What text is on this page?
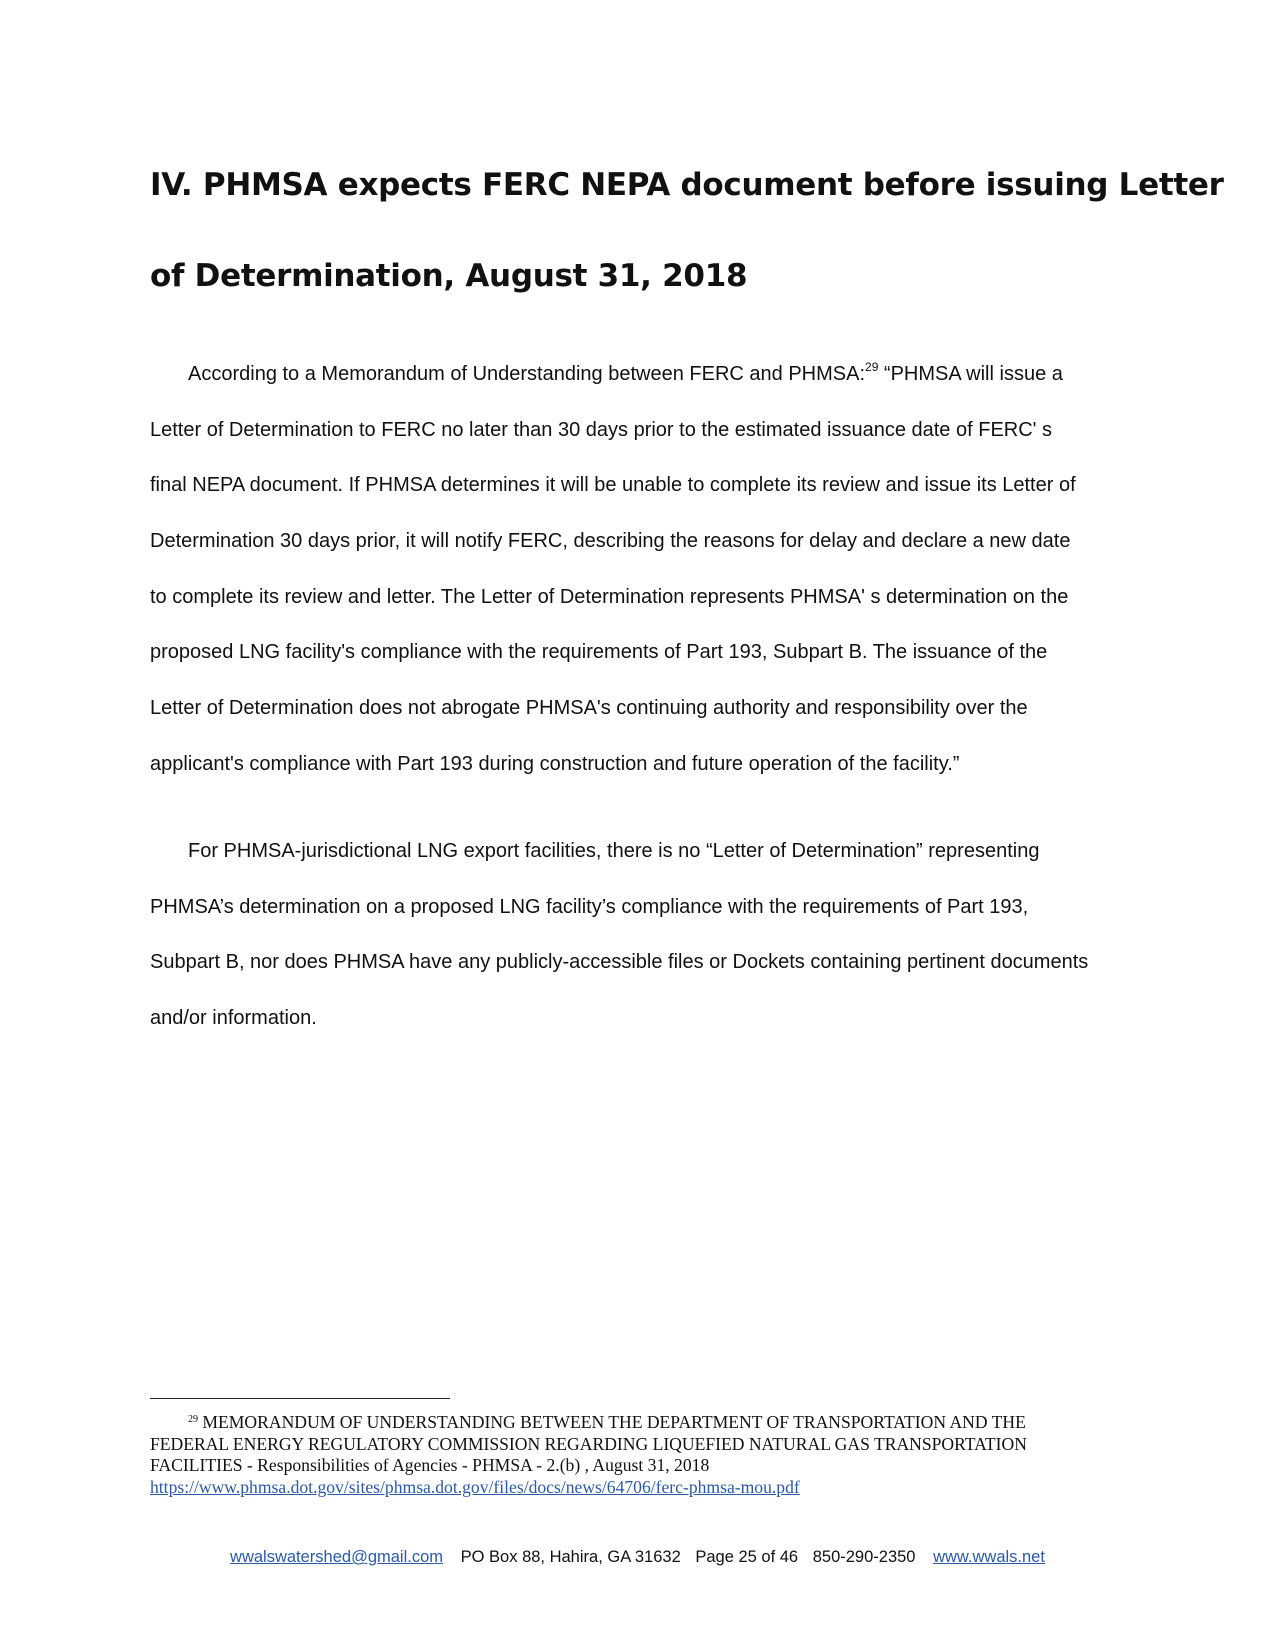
IV. PHMSA expects FERC NEPA document before issuing Letter
of Determination, August 31, 2018
According to a Memorandum of Understanding between FERC and PHMSA:$^{29}$ “PHMSA will issue a
Letter of Determination to FERC no later than 30 days prior to the estimated issuance date of FERC' s
final NEPA document. If PHMSA determines it will be unable to complete its review and issue its Letter of
Determination 30 days prior, it will notify FERC, describing the reasons for delay and declare a new date
to complete its review and letter. The Letter of Determination represents PHMSA' s determination on the
proposed LNG facility's compliance with the requirements of Part 193, Subpart B. The issuance of the
Letter of Determination does not abrogate PHMSA's continuing authority and responsibility over the
applicant's compliance with Part 193 during construction and future operation of the facility.”
For PHMSA-jurisdictional LNG export facilities, there is no “Letter of Determination” representing
PHMSA’s determination on a proposed LNG facility’s compliance with the requirements of Part 193,
Subpart B, nor does PHMSA have any publicly-accessible files or Dockets containing pertinent documents
and/or information.
$^{29}$ MEMORANDUM OF UNDERSTANDING BETWEEN THE DEPARTMENT OF TRANSPORTATION AND THE
FEDERAL ENERGY REGULATORY COMMISSION REGARDING LIQUEFIED NATURAL GAS TRANSPORTATION
FACILITIES - Responsibilities of Agencies - PHMSA - 2.(b) , August 31, 2018
https://www.phmsa.dot.gov/sites/phmsa.dot.gov/files/docs/news/64706/ferc-phmsa-mou.pdf
wwalswatershed@gmail.com PO Box 88, Hahira, GA 31632 Page 25 of 46 850-290-2350 www.wwals.net
